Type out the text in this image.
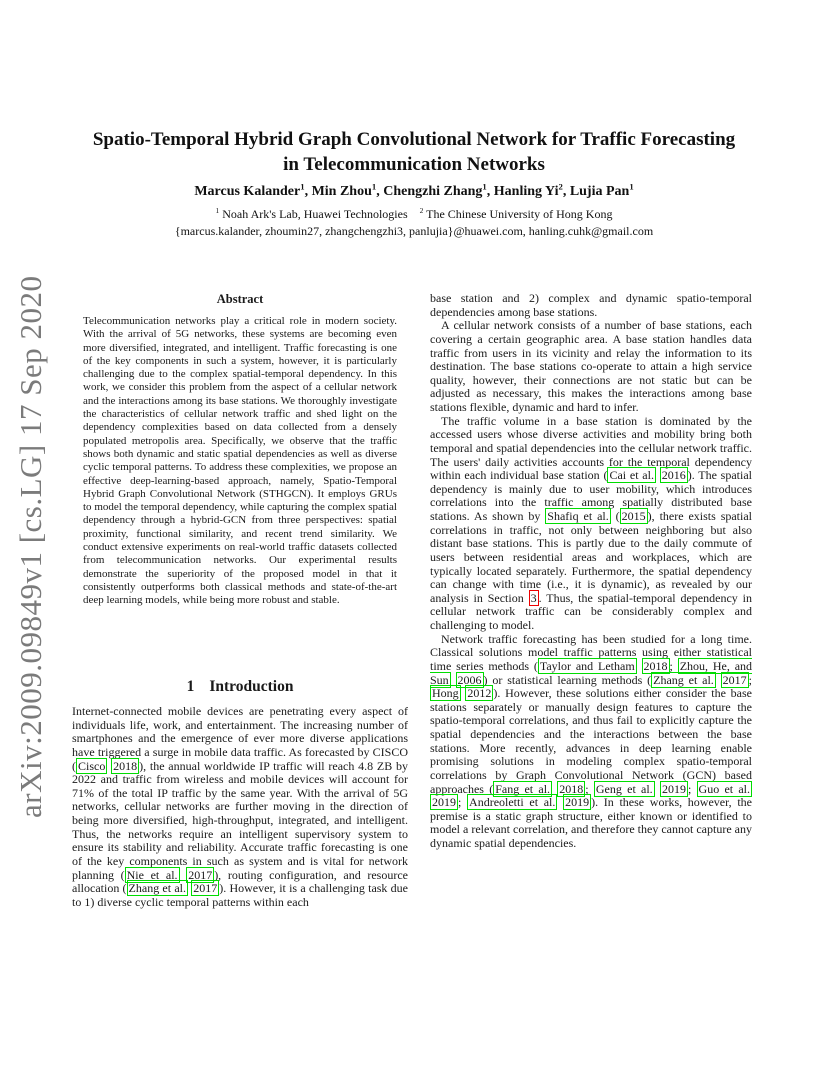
arXiv:2009.09849v1 [cs.LG] 17 Sep 2020
Spatio-Temporal Hybrid Graph Convolutional Network for Traffic Forecasting
in Telecommunication Networks
Marcus Kalander$^1$, Min Zhou$^1$, Chengzhi Zhang$^1$, Hanling Yi$^2$, Lujia Pan$^1$
$^1$ Noah Ark's Lab, Huawei Technologies   $^2$ The Chinese University of Hong Kong
{marcus.kalander, zhoumin27, zhangchengzhi3, panlujia}@huawei.com, hanling.cuhk@gmail.com
Abstract

Telecommunication networks play a critical role in modern society. With the arrival of 5G networks, these systems are becoming even more diversified, integrated, and intelligent. Traffic forecasting is one of the key components in such a system, however, it is particularly challenging due to the complex spatial-temporal dependency. In this work, we consider this problem from the aspect of a cellular network and the interactions among its base stations. We thoroughly investigate the characteristics of cellular network traffic and shed light on the dependency complexities based on data collected from a densely populated metropolis area. Specifically, we observe that the traffic shows both dynamic and static spatial dependencies as well as diverse cyclic temporal patterns. To address these complexities, we propose an effective deep-learning-based approach, namely, Spatio-Temporal Hybrid Graph Convolutional Network (STHGCN). It employs GRUs to model the temporal dependency, while capturing the complex spatial dependency through a hybrid-GCN from three perspectives: spatial proximity, functional similarity, and recent trend similarity. We conduct extensive experiments on real-world traffic datasets collected from telecommunication networks. Our experimental results demonstrate the superiority of the proposed model in that it consistently outperforms both classical methods and state-of-the-art deep learning models, while being more robust and stable.

1 Introduction

Internet-connected mobile devices are penetrating every aspect of individuals life, work, and entertainment. The increasing number of smartphones and the emergence of ever more diverse applications have triggered a surge in mobile data traffic. As forecasted by CISCO ( Cisco 2018 ), the annual worldwide IP traffic will reach 4.8 ZB by 2022 and traffic from wireless and mobile devices will account for 71% of the total IP traffic by the same year. With the arrival of 5G networks, cellular networks are further moving in the direction of being more diversified, high-throughput, integrated, and intelligent. Thus, the networks require an intelligent supervisory system to ensure its stability and reliability. Accurate traffic forecasting is one of the key components in such as system and is vital for network planning ( Nie et al. 2017 ), routing configuration, and resource allocation ( Zhang et al. 2017 ). However, it is a challenging task due to 1) diverse cyclic temporal patterns within each

base station and 2) complex and dynamic spatio-temporal dependencies among base stations.

A cellular network consists of a number of base stations, each covering a certain geographic area. A base station handles data traffic from users in its vicinity and relay the information to its destination. The base stations co-operate to attain a high service quality, however, their connections are not static but can be adjusted as necessary, this makes the interactions among base stations flexible, dynamic and hard to infer.

The traffic volume in a base station is dominated by the accessed users whose diverse activities and mobility bring both temporal and spatial dependencies into the cellular network traffic. The users' daily activities accounts for the temporal dependency within each individual base station ( Cai et al. 2016 ). The spatial dependency is mainly due to user mobility, which introduces correlations into the traffic among spatially distributed base stations. As shown by Shafiq et al. ( 2015 ), there exists spatial correlations in traffic, not only between neighboring but also distant base stations. This is partly due to the daily commute of users between residential areas and workplaces, which are typically located separately. Furthermore, the spatial dependency can change with time (i.e., it is dynamic), as revealed by our analysis in Section 3 . Thus, the spatial-temporal dependency in cellular network traffic can be considerably complex and challenging to model.

Network traffic forecasting has been studied for a long time. Classical solutions model traffic patterns using either statistical time series methods ( Taylor and Letham 2018 ; Zhou, He, and Sun 2006 ) or statistical learning methods ( Zhang et al. 2017 ; Hong 2012 ). However, these solutions either consider the base stations separately or manually design features to capture the spatio-temporal correlations, and thus fail to explicitly capture the spatial dependencies and the interactions between the base stations. More recently, advances in deep learning enable promising solutions in modeling complex spatio-temporal correlations by Graph Convolutional Network (GCN) based approaches ( Fang et al. 2018 ; Geng et al. 2019 ; Guo et al. 2019 ; Andreoletti et al. 2019 ). In these works, however, the premise is a static graph structure, either known or identified to model a relevant correlation, and therefore they cannot capture any dynamic spatial dependencies.
